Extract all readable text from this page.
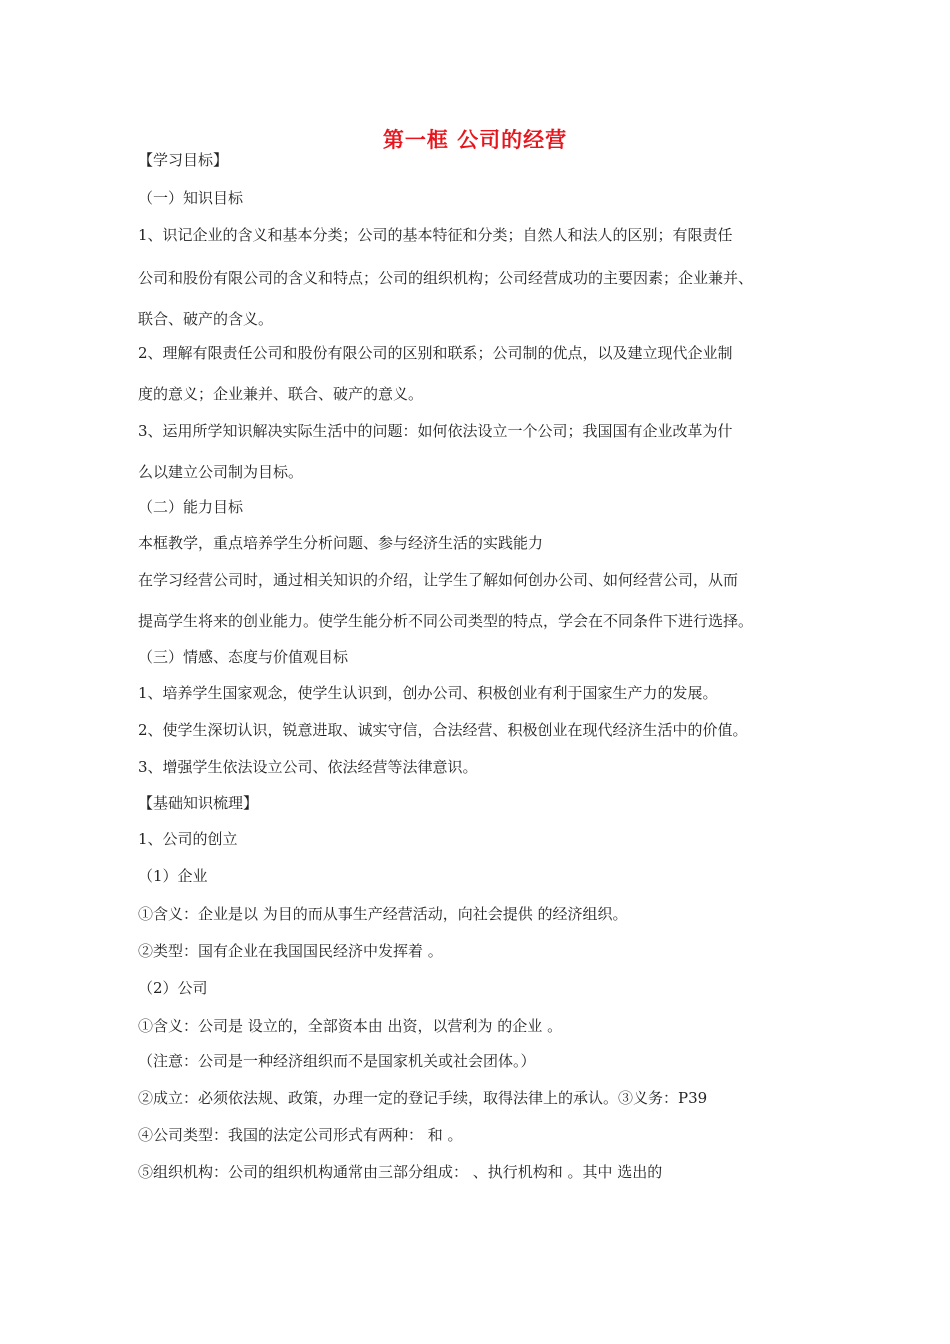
第一框 公司的经营
【学习目标】
（一）知识目标
1、识记企业的含义和基本分类；公司的基本特征和分类；自然人和法人的区别；有限责任
公司和股份有限公司的含义和特点；公司的组织机构；公司经营成功的主要因素；企业兼并、
联合、破产的含义。
2、理解有限责任公司和股份有限公司的区别和联系；公司制的优点，以及建立现代企业制
度的意义；企业兼并、联合、破产的意义。
3、运用所学知识解决实际生活中的问题：如何依法设立一个公司；我国国有企业改革为什
么以建立公司制为目标。
（二）能力目标
本框教学，重点培养学生分析问题、参与经济生活的实践能力
在学习经营公司时，通过相关知识的介绍，让学生了解如何创办公司、如何经营公司，从而
提高学生将来的创业能力。使学生能分析不同公司类型的特点，学会在不同条件下进行选择。
（三）情感、态度与价值观目标
1、培养学生国家观念，使学生认识到，创办公司、积极创业有利于国家生产力的发展。
2、使学生深切认识，锐意进取、诚实守信，合法经营、积极创业在现代经济生活中的价值。
3、增强学生依法设立公司、依法经营等法律意识。
【基础知识梳理】
1、公司的创立
（1）企业
①含义：企业是以 为目的而从事生产经营活动，向社会提供 的经济组织。
②类型：国有企业在我国国民经济中发挥着 。
（2）公司
①含义：公司是 设立的，全部资本由 出资，以营利为 的企业 。
（注意：公司是一种经济组织而不是国家机关或社会团体。）
②成立：必须依法规、政策，办理一定的登记手续，取得法律上的承认。③义务：P39
④公司类型：我国的法定公司形式有两种： 和 。
⑤组织机构：公司的组织机构通常由三部分组成： 、执行机构和 。其中 选出的
